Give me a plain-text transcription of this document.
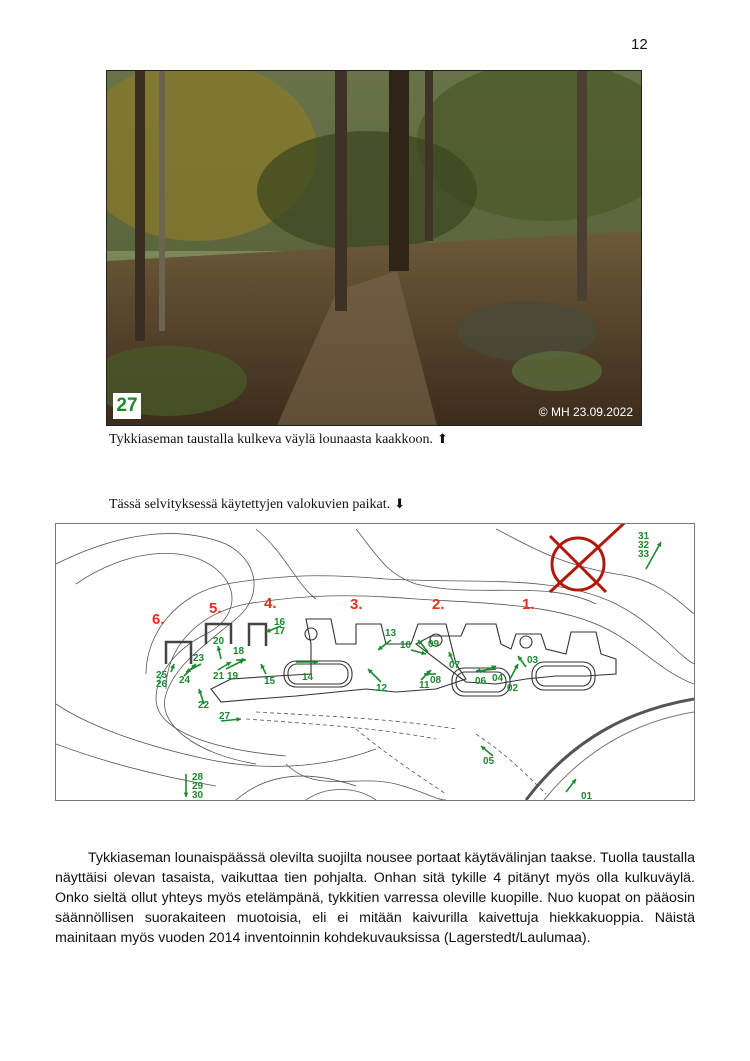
12
27	© MH 23.09.2022
Tykkiaseman taustalla kulkeva väylä lounaasta kaakkoon. ⬆
Tässä selvityksessä käytettyjen valokuvien paikat. ⬇
1.
2.
3.
4.
5.
6.
01
02
03
04
05
06
07
08
09
10
11
12
13
14
15
16
17
18
19
20
21
22
23
24
25
26
27
28
29
30
31
32
33

Tykkiaseman lounaispäässä olevilta suojilta nousee portaat käytävälinjan taakse. Tuolla taustalla näyttäisi olevan tasaista, vaikuttaa tien pohjalta. Onhan sitä tykille 4 pitänyt myös olla kulkuväylä. Onko sieltä ollut yhteys myös etelämpänä, tykkitien varressa oleville kuopille. Nuo kuopat on pääosin säännöllisen suorakaiteen muotoisia, eli ei mitään kaivurilla kaivettuja hiekkakuoppia. Näistä mainitaan myös vuoden 2014 inventoinnin kohdekuvauksissa (Lagerstedt/Laulumaa).
